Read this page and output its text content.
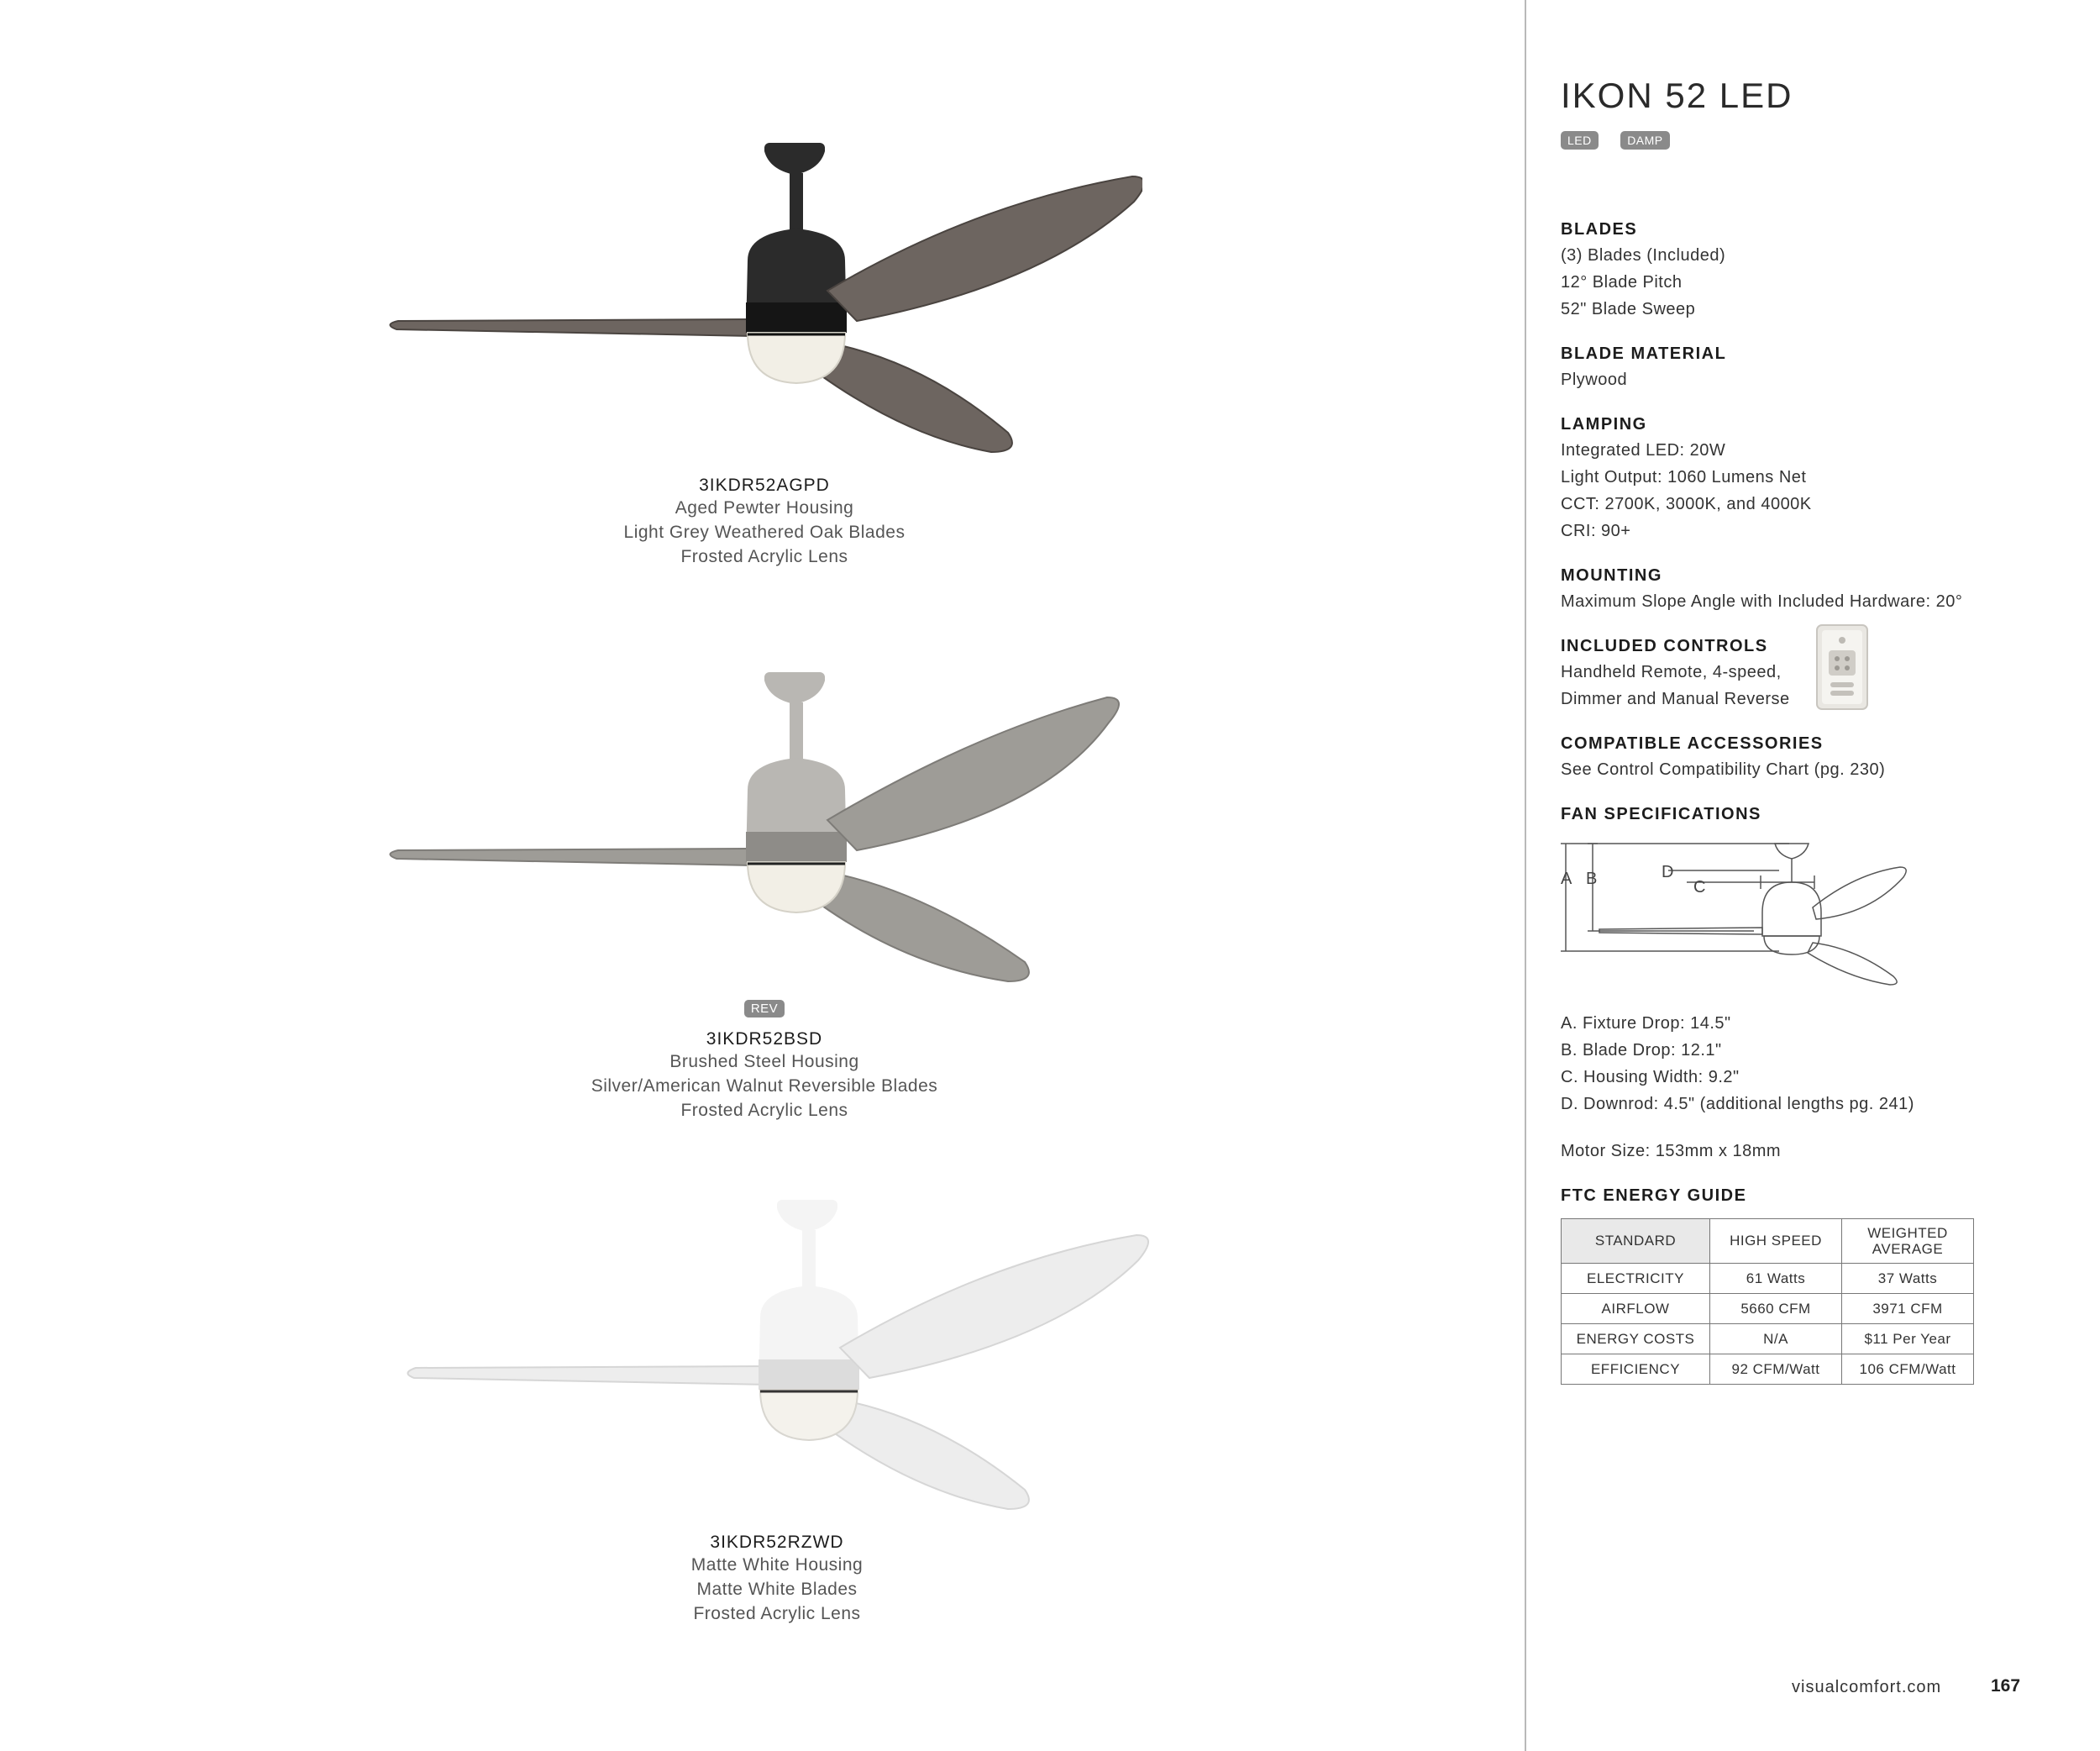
3IKDR52AGPD
Aged Pewter Housing
Light Grey Weathered Oak Blades
Frosted Acrylic Lens
REV
3IKDR52BSD
Brushed Steel Housing
Silver/American Walnut Reversible Blades
Frosted Acrylic Lens
3IKDR52RZWD
Matte White Housing
Matte White Blades
Frosted Acrylic Lens
IKON 52 LED
LED	DAMP
BLADES
(3) Blades (Included)
12° Blade Pitch
52" Blade Sweep
BLADE MATERIAL
Plywood
LAMPING
Integrated LED: 20W
Light Output: 1060 Lumens Net
CCT: 2700K, 3000K, and 4000K
CRI: 90+
MOUNTING
Maximum Slope Angle with Included Hardware: 20°
INCLUDED CONTROLS
Handheld Remote, 4-speed,
Dimmer and Manual Reverse
COMPATIBLE ACCESSORIES
See Control Compatibility Chart (pg. 230)
FAN SPECIFICATIONS
A B	D
C
A. Fixture Drop: 14.5"
B. Blade Drop: 12.1"
C. Housing Width: 9.2"
D. Downrod: 4.5" (additional lengths pg. 241)
Motor Size: 153mm x 18mm
FTC ENERGY GUIDE
STANDARD	HIGH SPEED	WEIGHTED
AVERAGE

ELECTRICITY	61 Watts	37 Watts
AIRFLOW	5660 CFM	3971 CFM
ENERGY COSTS	N/A	$11 Per Year
EFFICIENCY	92 CFM/Watt	106 CFM/Watt
visualcomfort.com	167
